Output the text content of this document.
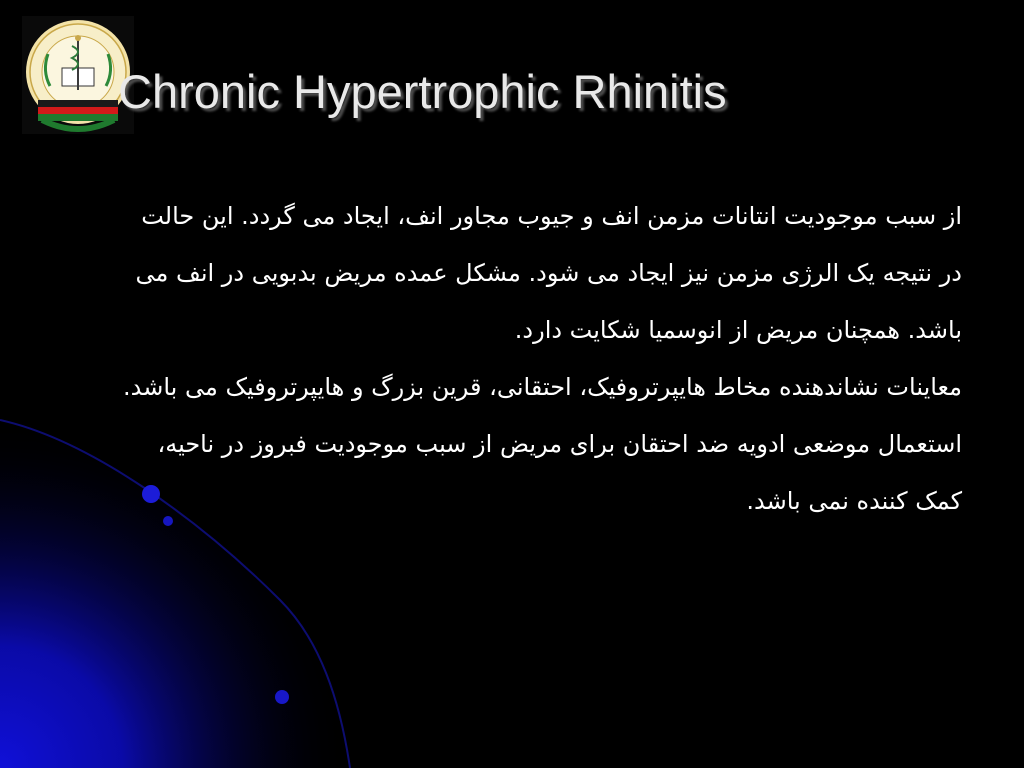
Chronic Hypertrophic Rhinitis

از سبب موجودیت انتانات مزمن انف و جیوب مجاور انف، ایجاد می گردد. این حالت در نتیجه یک الرژی مزمن نیز ایجاد می شود. مشکل عمده مریض بدبویی در انف می باشد. همچنان مریض از انوسمیا شکایت دارد.

معاینات نشاندهنده مخاط هایپرتروفیک، احتقانی، قرین بزرگ و هایپرتروفیک می باشد.

استعمال موضعی ادویه ضد احتقان برای مریض از سبب موجودیت فبروز در ناحیه، کمک کننده نمی باشد.
